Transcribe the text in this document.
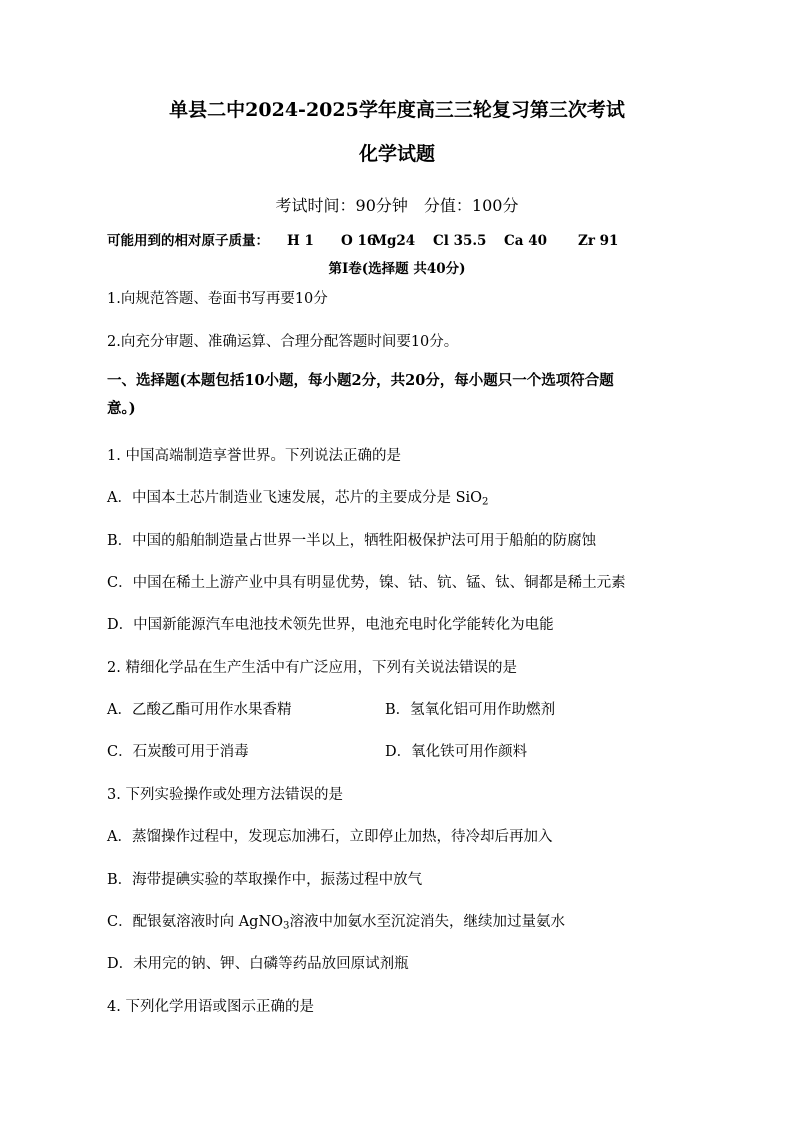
单县二中2024-2025学年度高三三轮复习第三次考试
化学试题
考试时间：90分钟　分值：100分
可能用到的相对原子质量： H 1 O 16
Mg24 Cl 35.5 Ca 40 Zr 91
第Ⅰ卷(选择题 共40分)
1.向规范答题、卷面书写再要10分
2.向充分审题、准确运算、合理分配答题时间要10分。
一、选择题(本题包括10小题，每小题2分，共20分，每小题只一个选项符合题
意。)
1. 中国高端制造享誉世界。下列说法正确的是
A．中国本土芯片制造业飞速发展，芯片的主要成分是 SiO$_2$
B．中国的船舶制造量占世界一半以上，牺牲阳极保护法可用于船舶的防腐蚀
C．中国在稀土上游产业中具有明显优势，镍、钴、钪、锰、钛、铜都是稀土元素
D．中国新能源汽车电池技术领先世界，电池充电时化学能转化为电能
2. 精细化学品在生产生活中有广泛应用，下列有关说法错误的是
A．乙酸乙酯可用作水果香精	B．氢氧化铝可用作助燃剂
C．石炭酸可用于消毒	D．氧化铁可用作颜料
3. 下列实验操作或处理方法错误的是
A．蒸馏操作过程中，发现忘加沸石，立即停止加热，待冷却后再加入
B．海带提碘实验的萃取操作中，振荡过程中放气
C．配银氨溶液时向 AgNO$_3$溶液中加氨水至沉淀消失，继续加过量氨水
D．未用完的钠、钾、白磷等药品放回原试剂瓶
4. 下列化学用语或图示正确的是
